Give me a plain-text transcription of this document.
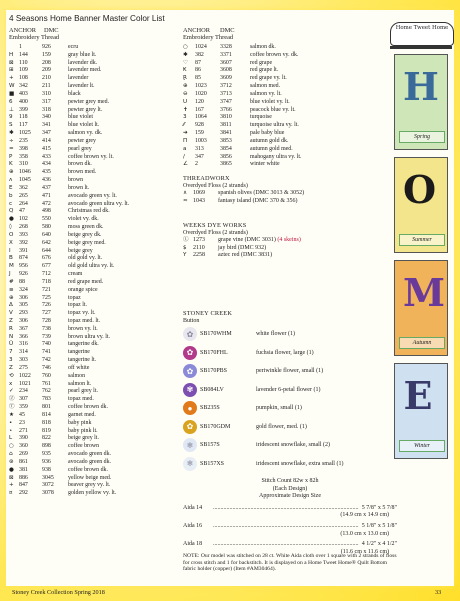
4 Seasons Home Banner Master Color List
ANCHOR DMC
Embroidery Thread
1	926	ecru
H 144	159	gray blue lt.
⊠ 110	208	lavender dk.
⊞ 109	209	lavender med.
+ 108	210	lavender
W 342	211	lavender lt.
■ 403	310	black
6	400	317	pewter grey med.
⊥ 399	318	pewter grey lt.
9	118	340	blue violet
S	117	341	blue violet lt.
✱ 1025	347	salmon vy. dk.
÷ 235	414	pewter grey
= 398	415	pearl grey
P	358	433	coffee brown vy. lt.
K	310	434	brown dk.
⊕ 1046	435	brown med.
ʌ	1045	436	brown
E	362	437	brown lt.
b	265	471	avocado green vy. lt.
c	264	472	avocado green ultra vy. lt.
Q 47	498	Christmas red dk.
● 102	550	violet vy. dk.
◊	268	580	moss green dk.
O 393	640	beige grey dk.
X	392	642	beige grey med.
I	391	644	beige grey
B	874	676	old gold vy. lt.
M 956	677	old gold ultra vy. lt.
J	926	712	cream
# 88	718	red grape med.
≡ 324	721	orange spice
⊕ 306	725	topaz
Δ	305	726	topaz lt.
V	293	727	topaz vy. lt.
Z	306	728	topaz med. lt.
R	367	738	brown vy. lt.
N 366	739	brown ultra vy. lt.
Ū 316	740	tangerine dk.
7	314	741	tangerine
3	303	742	tangerine lt.
Z	275	746	off white
⟲ 1022	760	salmon
x	1021	761	salmon lt.
✓ 234	762	pearl grey lt.
Ⓩ 307	783	topaz med.
Ⓣ 359	801	coffee brown dk.
★ 45	814	garnet med.
•	23	818	baby pink
⋆	271	819	baby pink lt.
L	390	822	beige grey lt.
○ 360	898	coffee brown
⌂	269	935	avocado green dk.
⊛ 861	936	avocado green dk.
● 381	938	coffee brown dk.
⊠ 886	3045	yellow beige med.
+ 847	3072	beaver grey vy. lt.
¤	292	3078	golden yellow vy. lt.
ANCHOR DMC
Embroidery Thread
○	1024	3328	salmon dk.
✱	382	3371	coffee brown vy. dk.
♡	87	3607	red grape
₭	86	3608	red grape lt.
Ɽ	85	3609	red grape vy. lt.
⊕	1023	3712	salmon med.
⊖	1020	3713	salmon vy. lt.
U	120	3747	blue violet vy. lt.
✝	167	3766	peacock blue vy. lt.
3	1064	3810	turquoise
⁄⁄	928	3811	turquoise ultra vy. lt.
➔	159	3841	pale baby blue
Π	1003	3853	autumn gold dk.
a	313	3854	autumn gold med.
/	347	3856	mahogany ultra vy. lt.
∠	2	3865	winter white
THREADWORX
Overdyed Floss (2 strands)
∧ 1069 spanish olives (DMC 3013 & 3052)
≈ 1043 fantasy island (DMC 370 & 356)
WEEKS DYE WORKS
Overdyed Floss (2 strands)
Ⓛ 1273 grape vine (DMC 3031) (4 skeins)
$ 2110 jay bird (DMC 932)
Y 2258 aztec red (DMC 3831)
STONEY CREEK
Button
✿	SB170WHM	white flower (1)
✿	SB170FHL	fuchsia flower, large (1)
✿	SB170PBS	periwinkle flower, small (1)
✾	SB084LV	lavender 6-petal flower (1)
●	SB235S	pumpkin, small (1)
✿	SB170GDM	gold flower, med. (1)
❄	SB157S	iridescent snowflake, small (2)
❄	SB157XS	iridescent snowflake, extra small (1)
Stitch Count 82w x 82h
(Each Design)
Approximate Design Size
Aida 14	................................................................................................. 5 7/8" x 5 7/8"
(14.9 cm x 14.9 cm)
Aida 16	................................................................................................. 5 1/8" x 5 1/8"
(13.0 cm x 13.0 cm)
Aida 18	................................................................................................. 4 1/2" x 4 1/2"
(11.6 cm x 11.6 cm)
NOTE: Our model was stitched on 28 ct. White Aida cloth over 1 square with 2 strands of floss for cross stitch and 1 for backstitch. It is displayed on a Home Tweet Home® Quilt Bottom fabric holder (copper) (Item #AM30464).
Home Tweet Home
H
Spring
O
Summer
M
Autumn
E
Winter
Stoney Creek Collection Spring 2018	33
